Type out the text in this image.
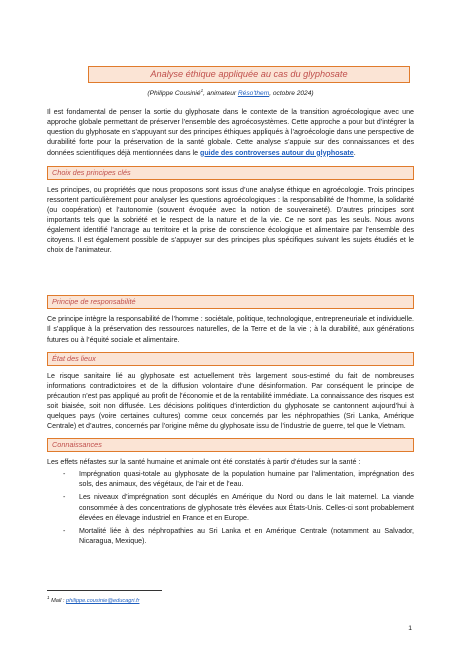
Analyse éthique appliquée au cas du glyphosate
(Philippe Cousinié$^1$, animateur Réso'them, octobre 2024)

Il est fondamental de penser la sortie du glyphosate dans le contexte de la transition agroécologique avec une approche globale permettant de préserver l’ensemble des agroécosystèmes. Cette approche a pour but d’intégrer la question du glyphosate en s’appuyant sur des principes éthiques appliqués à l’agroécologie dans une perspective de durabilité forte pour la préservation de la santé globale. Cette analyse s’appuie sur des connaissances et des données scientifiques déjà mentionnées dans le guide des controverses autour du glyphosate.

Choix des principes clés

Les principes, ou propriétés que nous proposons sont issus d’une analyse éthique en agroécologie. Trois principes ressortent particulièrement pour analyser les questions agroécologiques : la responsabilité de l’homme, la solidarité (ou coopération) et l’autonomie (souvent évoquée avec la notion de souveraineté). D’autres principes sont importants tels que la sobriété et le respect de la nature et de la vie. Ce ne sont pas les seuls. Nous avons également identifié l’ancrage au territoire et la prise de conscience écologique et alimentaire par l’ensemble des citoyens. Il est également possible de s’appuyer sur des principes plus spécifiques suivant les sujets étudiés et le choix de l’animateur.

Principe de responsabilité

Ce principe intègre la responsabilité de l’homme : sociétale, politique, technologique, entrepreneuriale et individuelle. Il s’applique à la préservation des ressources naturelles, de la Terre et de la vie ; à la durabilité, aux générations futures ou à l’équité sociale et alimentaire.

État des lieux

Le risque sanitaire lié au glyphosate est actuellement très largement sous-estimé du fait de nombreuses informations contradictoires et de la diffusion volontaire d’une désinformation. Par conséquent le principe de précaution n’est pas appliqué au profit de l’économie et de la rentabilité immédiate. La connaissance des risques est soit biaisée, soit non diffusée. Les décisions politiques d’interdiction du glyphosate se cantonnent aujourd’hui à quelques pays (voire certaines cultures) comme ceux concernés par les néphropathies (Sri Lanka, Amérique Centrale) et d’autres, concernés par l’origine même du glyphosate issu de l’industrie de guerre, tel que le Vietnam.

Connaissances

Les effets néfastes sur la santé humaine et animale ont été constatés à partir d’études sur la santé :

- Imprégnation quasi-totale au glyphosate de la population humaine par l’alimentation, imprégnation des sols, des animaux, des végétaux, de l’air et de l’eau.
- Les niveaux d’imprégnation sont décuplés en Amérique du Nord ou dans le lait maternel. La viande consommée à des concentrations de glyphosate très élevées aux États-Unis. Celles-ci sont probablement élevées en élevage industriel en France et en Europe.
- Mortalité liée à des néphropathies au Sri Lanka et en Amérique Centrale (notamment au Salvador, Nicaragua, Mexique).
$^1$ Mail : philippe.cousinie@educagri.fr
1
